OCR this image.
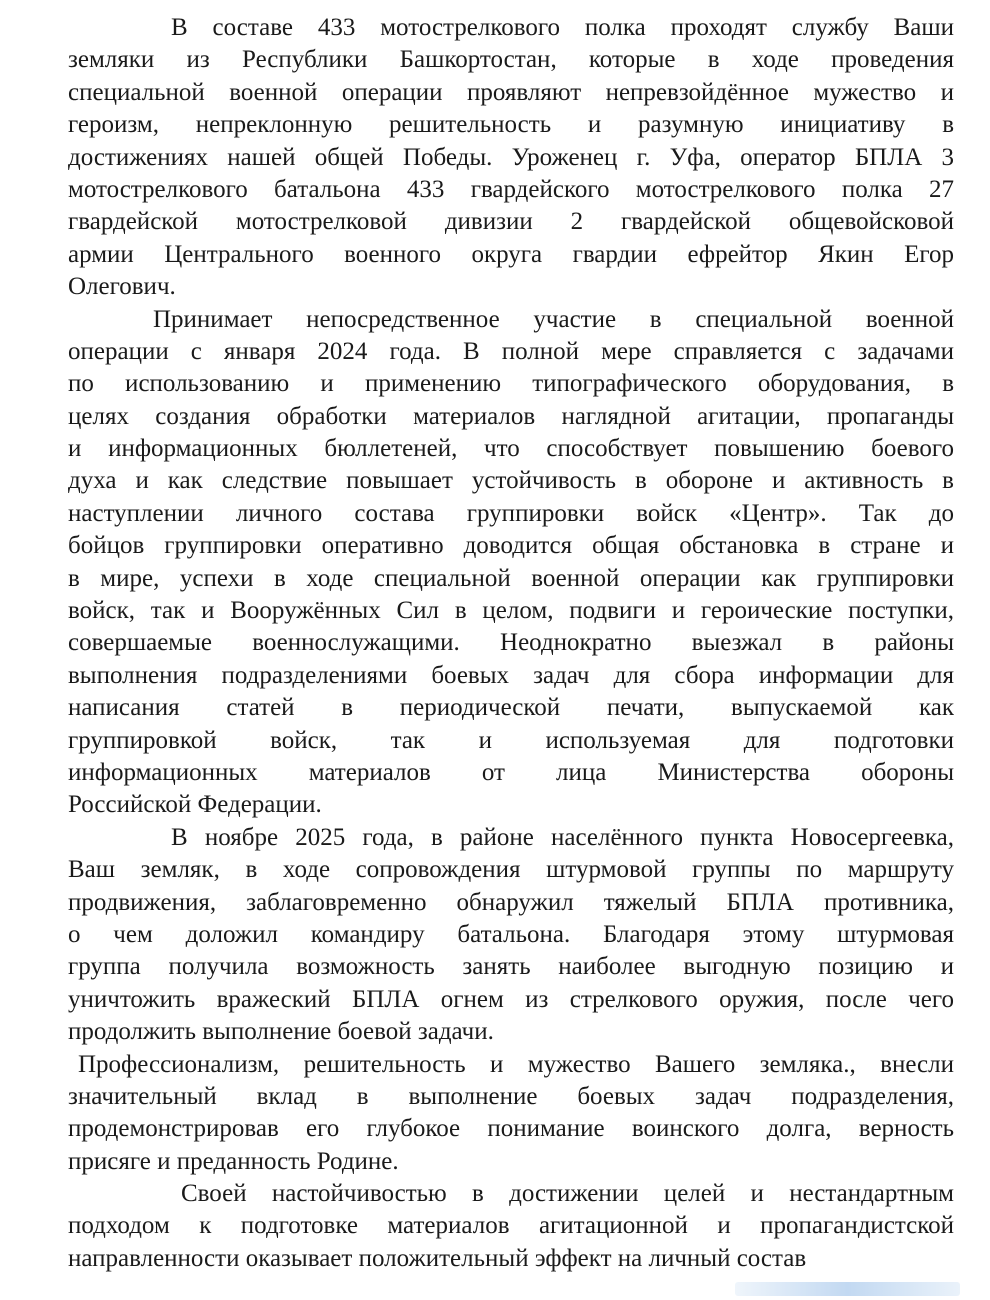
В составе 433 мотострелкового полка проходят службу Ваши
земляки из Республики Башкортостан, которые в ходе проведения
специальной военной операции проявляют непревзойдённое мужество и
героизм, непреклонную решительность и разумную инициативу в
достижениях нашей общей Победы. Уроженец г. Уфа, оператор БПЛА 3
мотострелкового батальона 433 гвардейского мотострелкового полка 27
гвардейской мотострелковой дивизии 2 гвардейской общевойсковой
армии Центрального военного округа гвардии ефрейтор Якин Егор
Олегович.
Принимает непосредственное участие в специальной военной
операции с января 2024 года. В полной мере справляется с задачами
по использованию и применению типографического оборудования, в
целях создания обработки материалов наглядной агитации, пропаганды
и информационных бюллетеней, что способствует повышению боевого
духа и как следствие повышает устойчивость в обороне и активность в
наступлении личного состава группировки войск «Центр». Так до
бойцов группировки оперативно доводится общая обстановка в стране и
в мире, успехи в ходе специальной военной операции как группировки
войск, так и Вооружённых Сил в целом, подвиги и героические поступки,
совершаемые военнослужащими. Неоднократно выезжал в районы
выполнения подразделениями боевых задач для сбора информации для
написания статей в периодической печати, выпускаемой как
группировкой войск, так и используемая для подготовки
информационных материалов от лица Министерства обороны
Российской Федерации.
В ноябре 2025 года, в районе населённого пункта Новосергеевка,
Ваш земляк, в ходе сопровождения штурмовой группы по маршруту
продвижения, заблаговременно обнаружил тяжелый БПЛА противника,
о чем доложил командиру батальона. Благодаря этому штурмовая
группа получила возможность занять наиболее выгодную позицию и
уничтожить вражеский БПЛА огнем из стрелкового оружия, после чего
продолжить выполнение боевой задачи.
Профессионализм, решительность и мужество Вашего земляка., внесли
значительный вклад в выполнение боевых задач подразделения,
продемонстрировав его глубокое понимание воинского долга, верность
присяге и преданность Родине.
Своей настойчивостью в достижении целей и нестандартным
подходом к подготовке материалов агитационной и пропагандистской
направленности оказывает положительный эффект на личный состав
